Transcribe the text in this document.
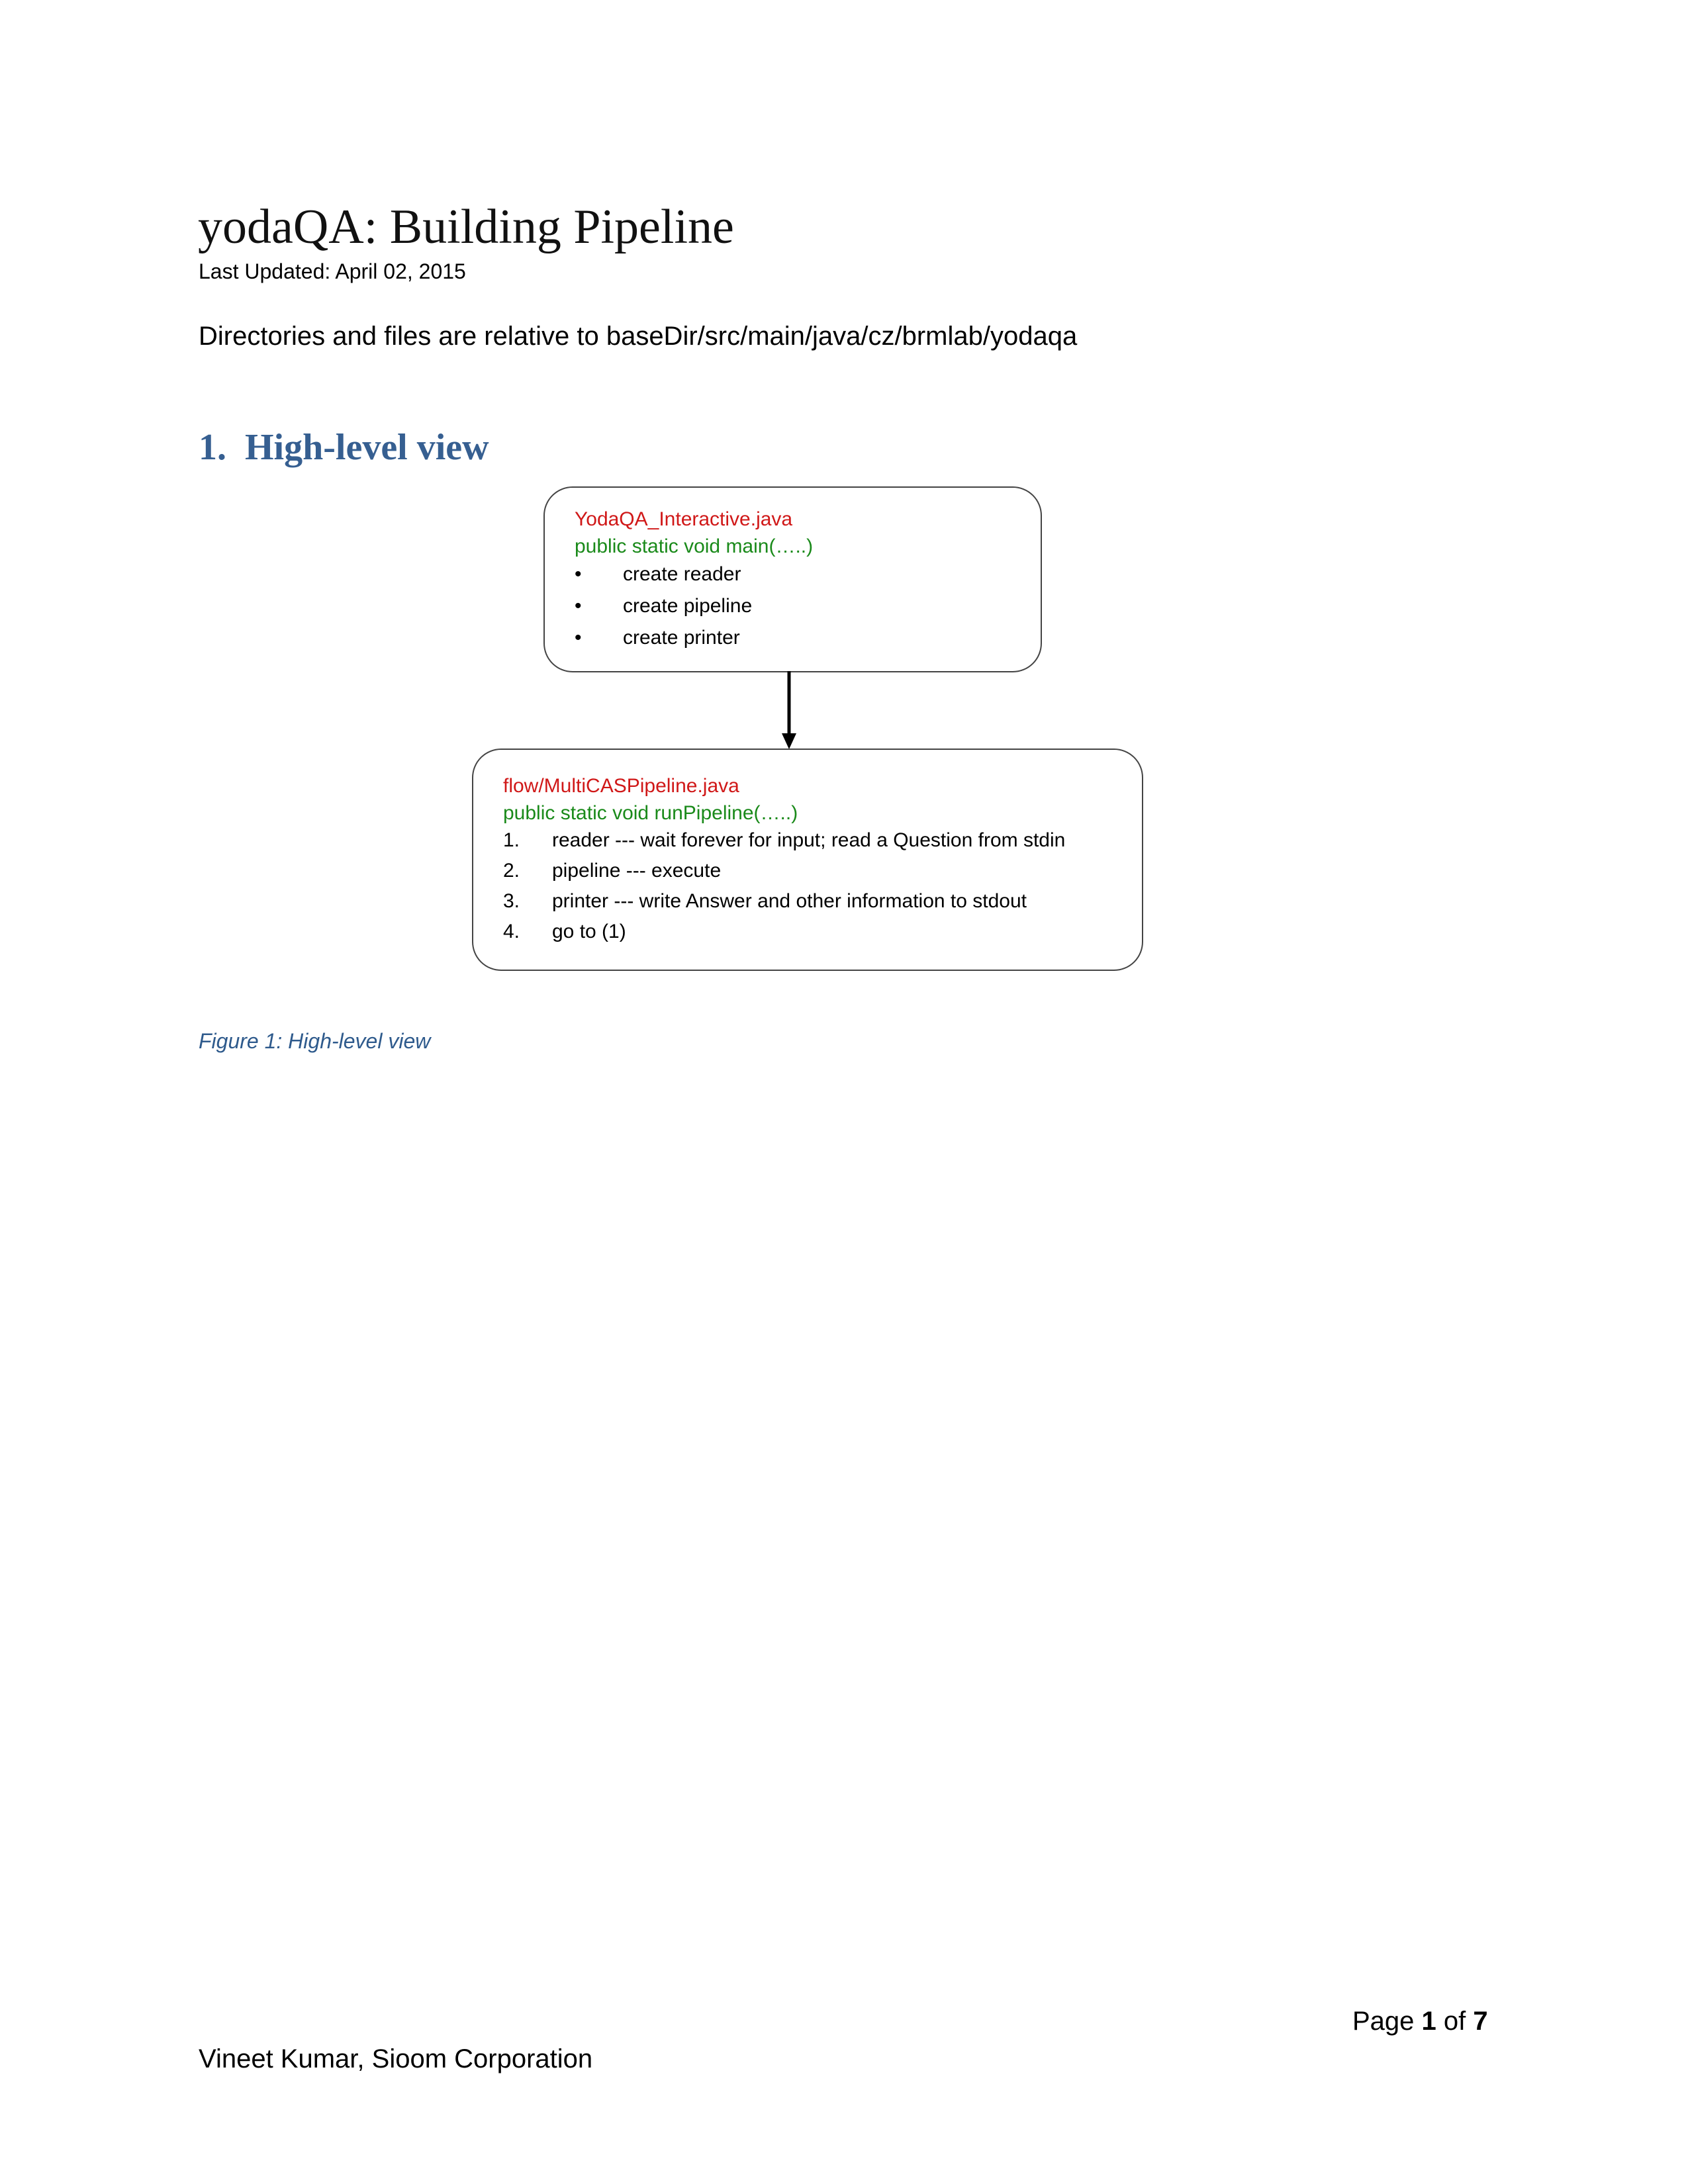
yodaQA: Building Pipeline
Last Updated: April 02, 2015
Directories and files are relative to baseDir/src/main/java/cz/brmlab/yodaqa
1. High-level view
YodaQA_Interactive.java
public static void main(…..)
• create reader
• create pipeline
• create printer
flow/MultiCASPipeline.java
public static void runPipeline(…..)
1. reader --- wait forever for input; read a Question from stdin
2. pipeline --- execute
3. printer --- write Answer and other information to stdout
4. go to (1)
Figure 1: High-level view
Page 1 of 7
Vineet Kumar, Sioom Corporation
